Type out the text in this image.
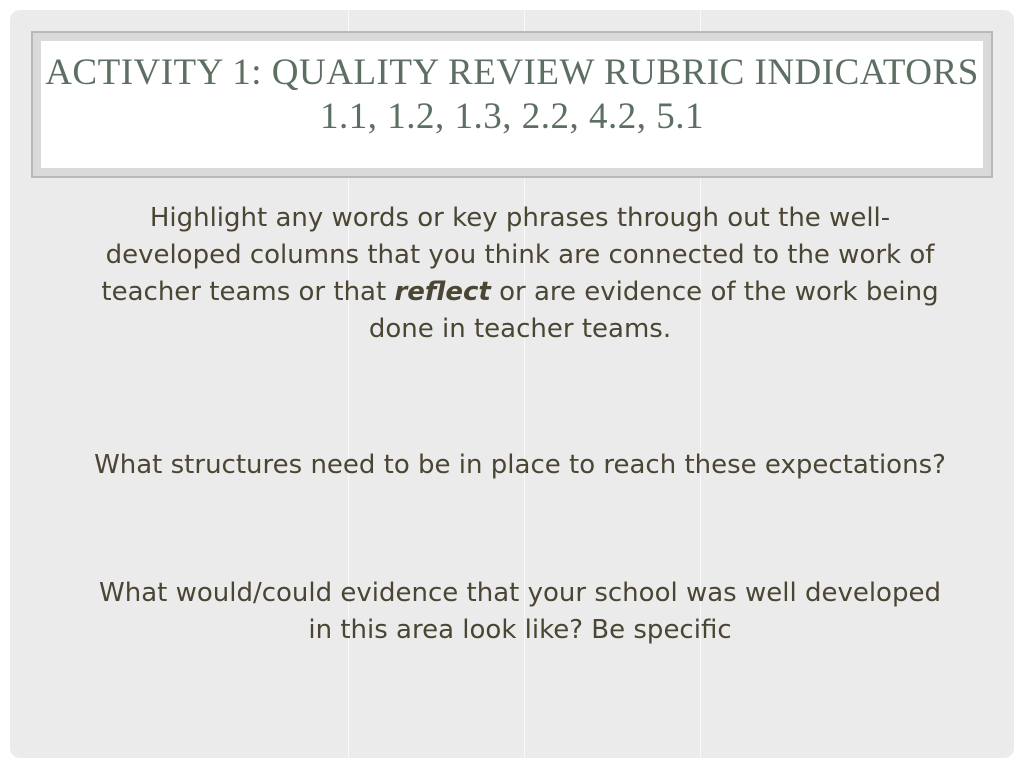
ACTIVITY 1: QUALITY REVIEW RUBRIC INDICATORS 1.1, 1.2, 1.3, 2.2, 4.2, 5.1

Highlight any words or key phrases through out the well- developed columns that you think are connected to the work of teacher teams or that reflect or are evidence of the work being done in teacher teams.

What structures need to be in place to reach these expectations?

What would/could evidence that your school was well developed in this area look like? Be specific
